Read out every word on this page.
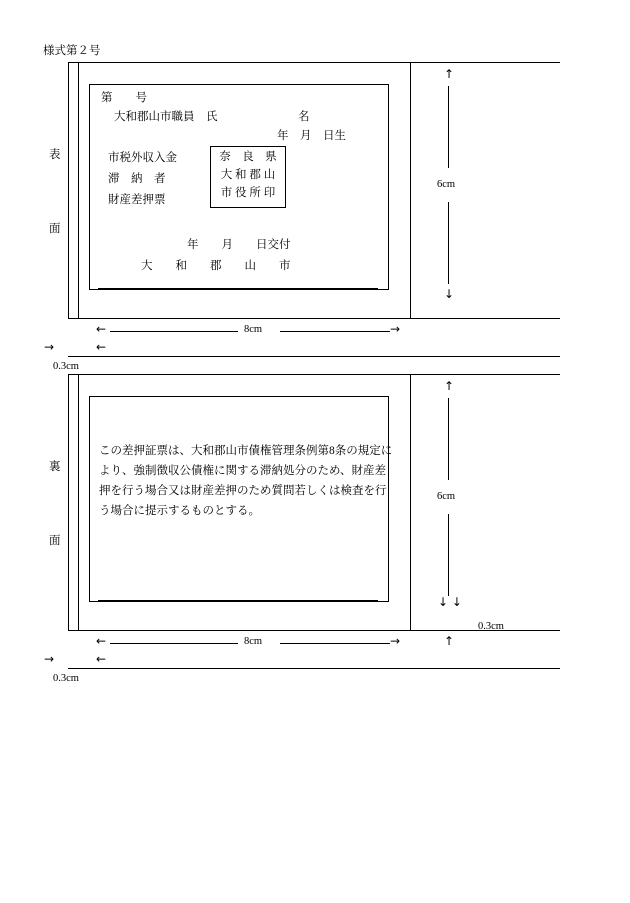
様式第２号
表
面
第　　号
大和郡山市職員　氏　　　　　　　名
年　月　日生
市税外収入金
滞　納　者
財産差押票
奈　良　県
大 和 郡 山
市 役 所 印
年　　月　　日交付
大　　和　　郡　　山　　市
↑
6cm
↓
←	8cm	→
→	←
0.3cm
裏
面
この差押証票は、大和郡山市債権管理条例第8条の規定により、強制徴収公債権に関する滞納処分のため、財産差押を行う場合又は財産差押のため質問若しくは検査を行う場合に提示するものとする。
↑
6cm
↓ ↓
0.3cm
←	8cm	→	↑
→	←
0.3cm
